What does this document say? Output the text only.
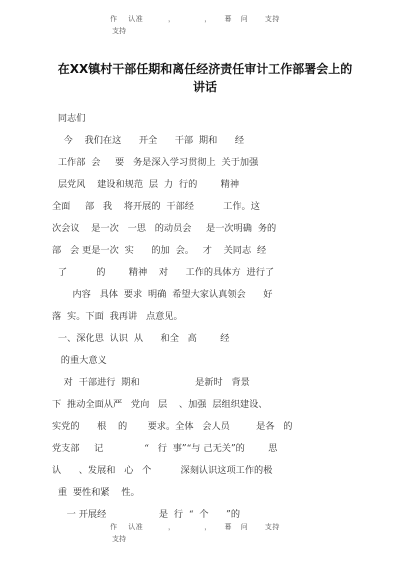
作 认准	，	， 幕 问 支持
支持
在XX镇村干部任期和离任经济责任审计工作部署会上的
讲话
同志们
今    我们在这      开全      干部  期和      经
工作部  会     要   务是深入学习贯彻上  关于加强
层党风    建设和规范  层  力  行的        精神
全面     部   我    将开展的  干部经          工作。这
次会议    是一次   一思   的动员会     是一次明确  务的
部   会 更是一次  实      的加  会。   才    关同志  经
了          的        精神    对      工作的具体方  进行了
内容   具体  要求  明确  希望大家认真领会      好
落  实。下面  我再讲   点意见。
一、深化思  认识  从      和全   高        经
的重大意义
对  干部进行  期和                   是新时   背景
下  推动全面从严   党向   层    、加强  层组织建设、
实党的      根    的       要求。全体   会人员         是各   的
党支部     记              “   行  事”“与 己无关”的        思
认      、发展和   心   个          深刻认识这项工作的极
重  要性和紧    性。
一 开展经                  是  行  “  个      ”的
作 认准	，	， 幕 问 支持
支持
